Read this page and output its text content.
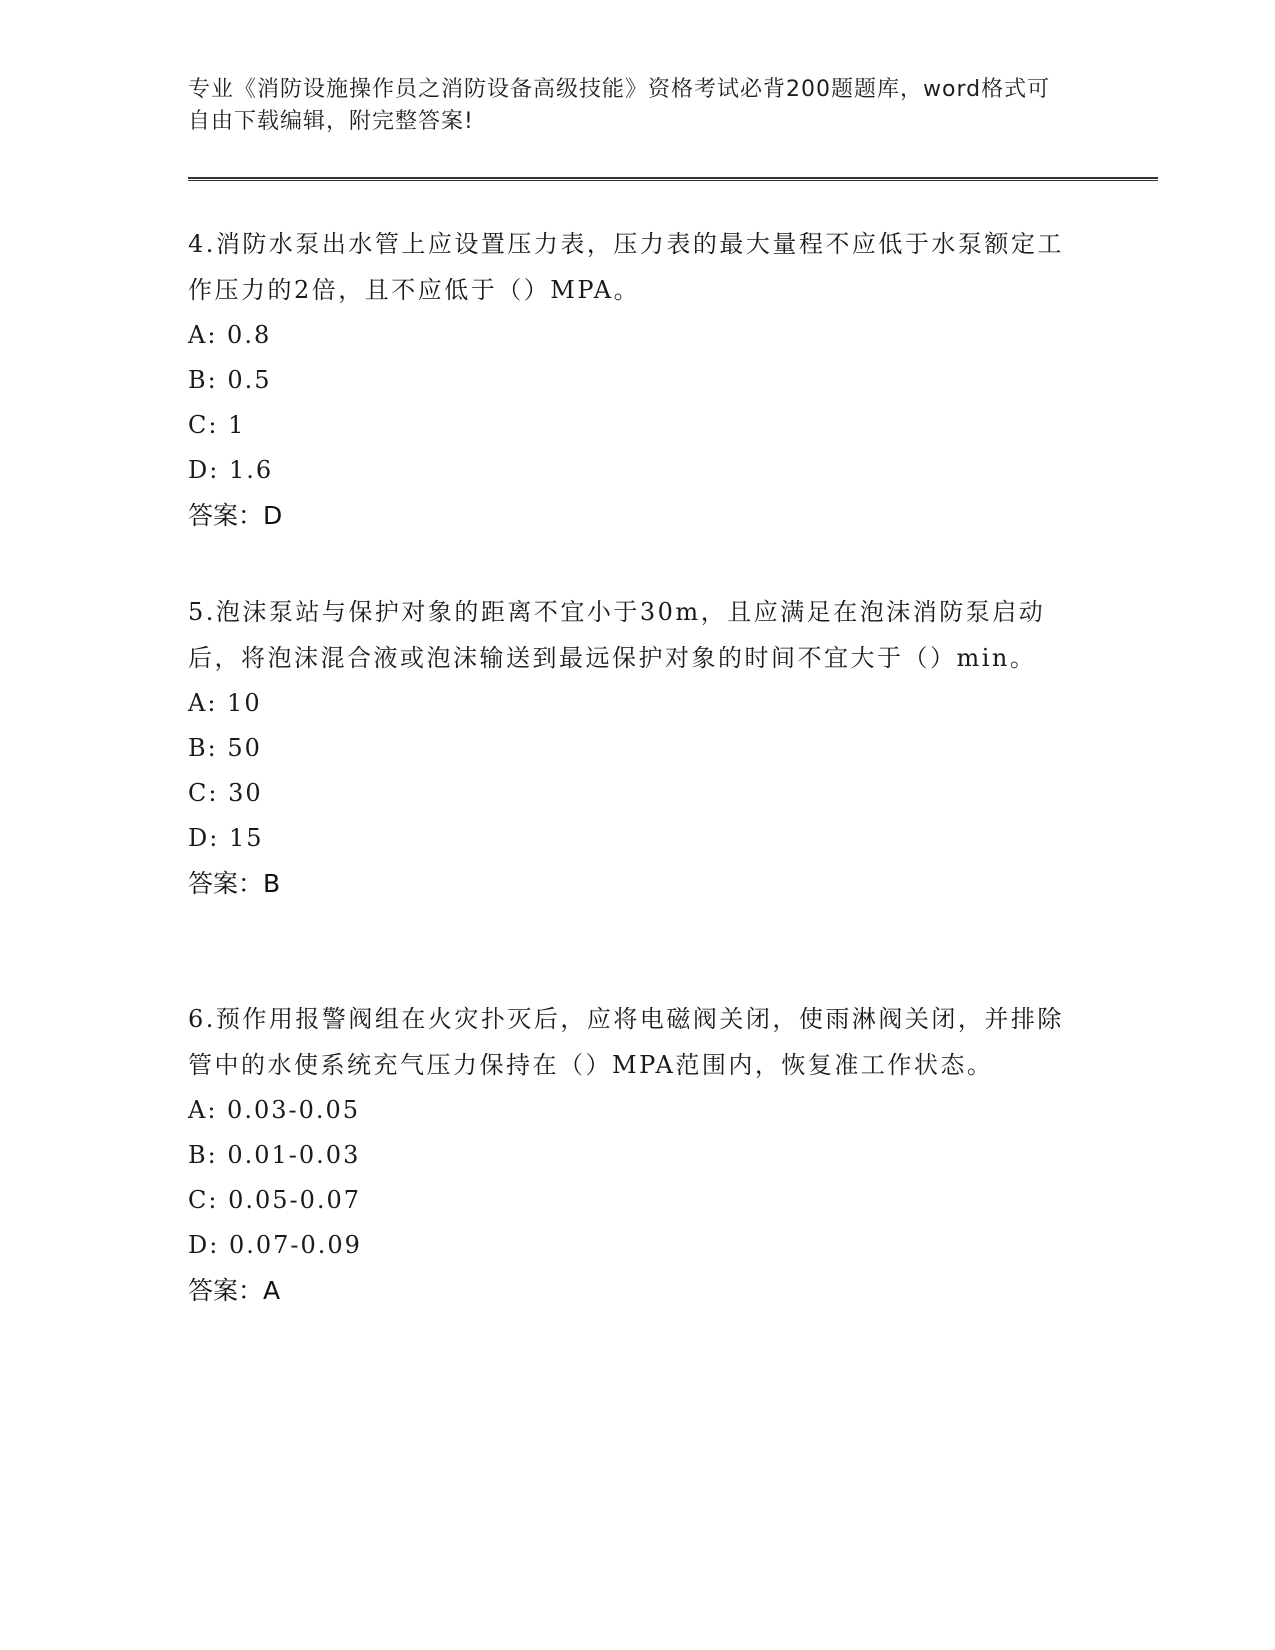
专业《消防设施操作员之消防设备高级技能》资格考试必背200题题库，word格式可自由下载编辑，附完整答案!

4.消防水泵出水管上应设置压力表，压力表的最大量程不应低于水泵额定工作压力的2倍，且不应低于（）MPA。

A: 0.8

B: 0.5

C: 1

D: 1.6

答案：D

5.泡沫泵站与保护对象的距离不宜小于30m，且应满足在泡沫消防泵启动后，将泡沫混合液或泡沫输送到最远保护对象的时间不宜大于（）min。

A: 10

B: 50

C: 30

D: 15

答案：B

6.预作用报警阀组在火灾扑灭后，应将电磁阀关闭，使雨淋阀关闭，并排除管中的水使系统充气压力保持在（）MPA范围内，恢复准工作状态。

A: 0.03-0.05

B: 0.01-0.03

C: 0.05-0.07

D: 0.07-0.09

答案：A
